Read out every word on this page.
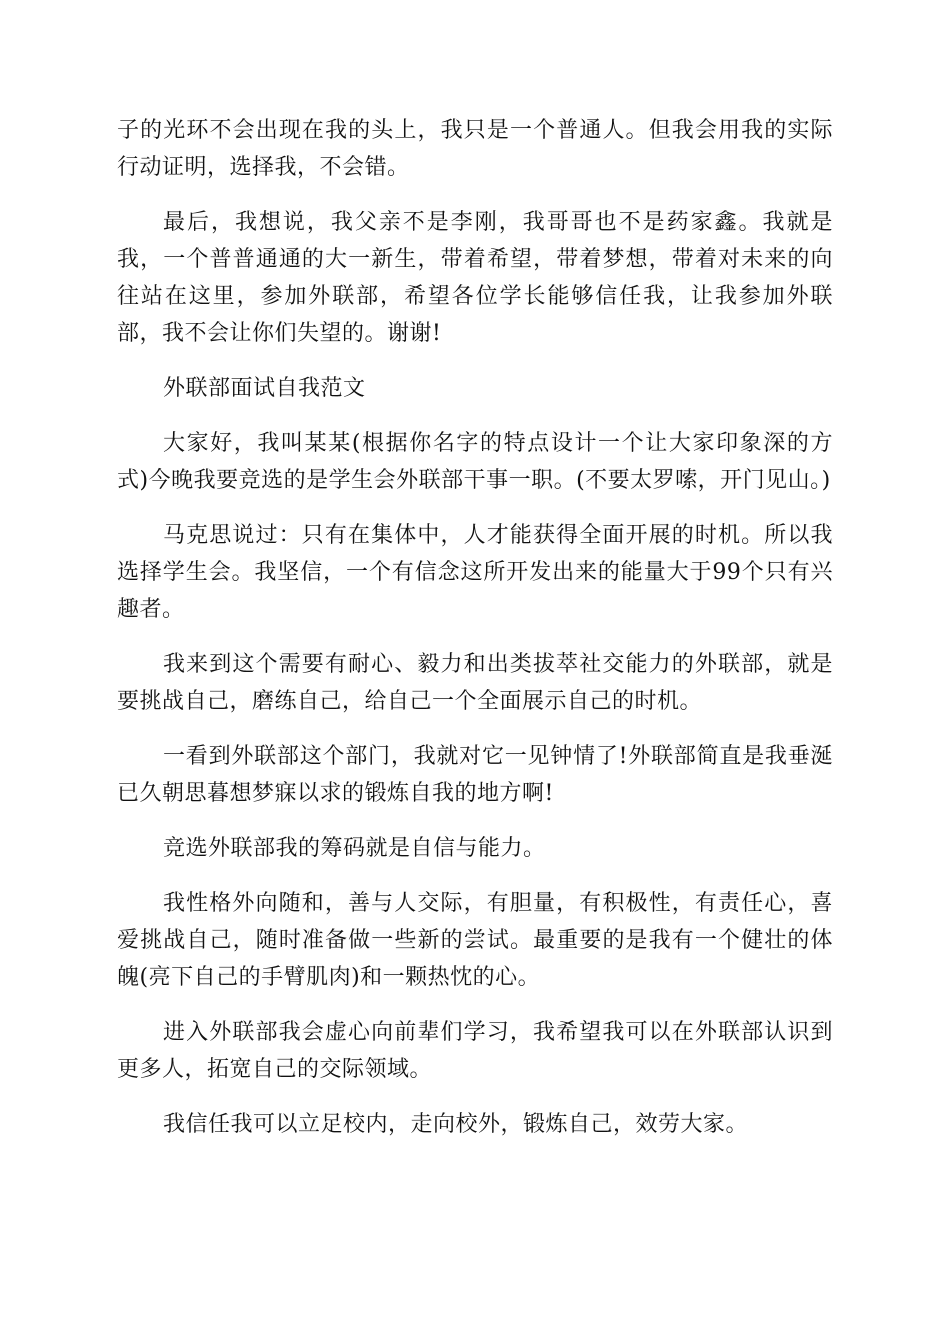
子的光环不会出现在我的头上，我只是一个普通人。但我会用我的实际行动证明，选择我，不会错。

最后，我想说，我父亲不是李刚，我哥哥也不是药家鑫。我就是我，一个普普通通的大一新生，带着希望，带着梦想，带着对未来的向往站在这里，参加外联部，希望各位学长能够信任我，让我参加外联部，我不会让你们失望的。谢谢!

外联部面试自我范文

大家好，我叫某某(根据你名字的特点设计一个让大家印象深的方式)今晚我要竞选的是学生会外联部干事一职。(不要太罗嗦，开门见山。)

马克思说过：只有在集体中，人才能获得全面开展的时机。所以我选择学生会。我坚信，一个有信念这所开发出来的能量大于99个只有兴趣者。

我来到这个需要有耐心、毅力和出类拔萃社交能力的外联部，就是要挑战自己，磨练自己，给自己一个全面展示自己的时机。

一看到外联部这个部门，我就对它一见钟情了!外联部简直是我垂涎已久朝思暮想梦寐以求的锻炼自我的地方啊!

竞选外联部我的筹码就是自信与能力。

我性格外向随和，善与人交际，有胆量，有积极性，有责任心，喜爱挑战自己，随时准备做一些新的尝试。最重要的是我有一个健壮的体魄(亮下自己的手臂肌肉)和一颗热忱的心。

进入外联部我会虚心向前辈们学习，我希望我可以在外联部认识到更多人，拓宽自己的交际领域。

我信任我可以立足校内，走向校外，锻炼自己，效劳大家。
